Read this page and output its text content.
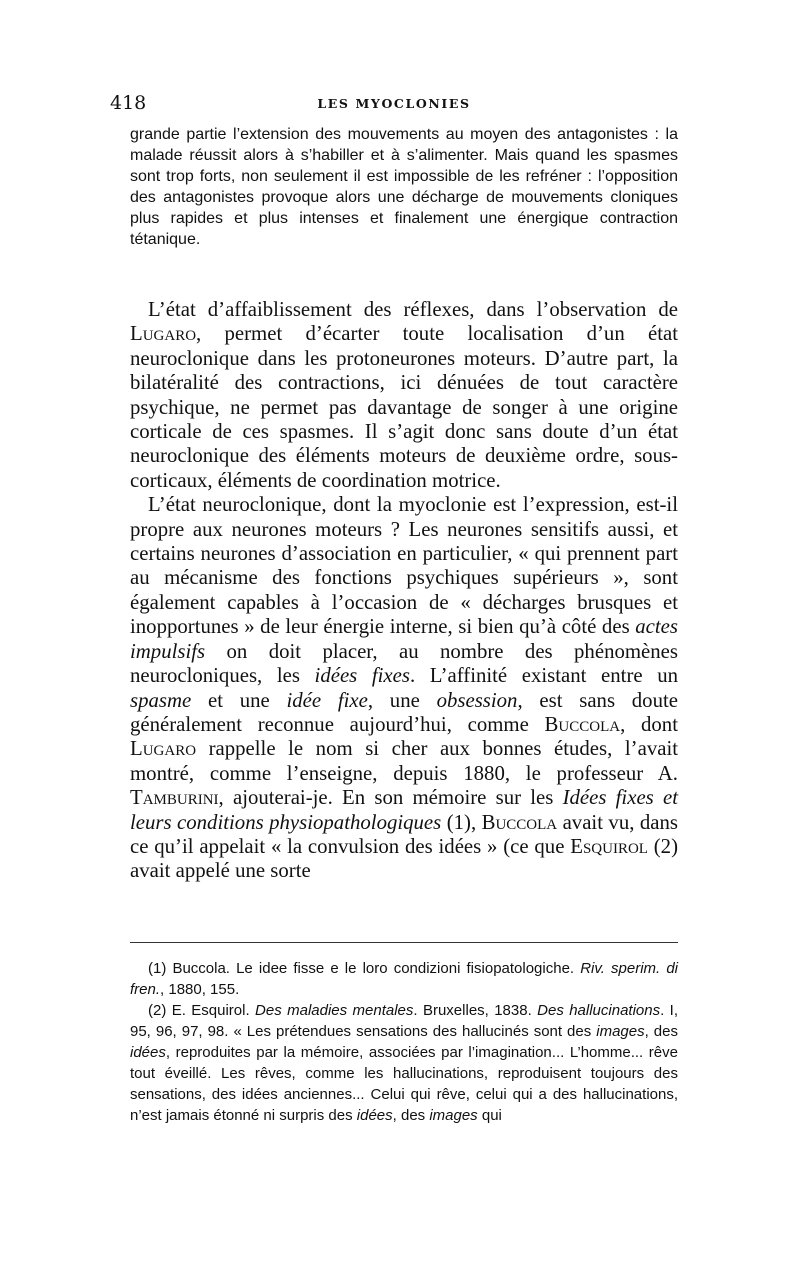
418	LES MYOCLONIES

grande partie l’extension des mouvements au moyen des antagonistes : la malade réussit alors à s’habiller et à s’alimenter. Mais quand les spasmes sont trop forts, non seulement il est impossible de les refréner : l’opposition des antagonistes provoque alors une décharge de mouvements cloniques plus rapides et plus intenses et finalement une énergique contraction tétanique.

L’état d’affaiblissement des réflexes, dans l’observation de Lugaro, permet d’écarter toute localisation d’un état neuroclonique dans les protoneurones moteurs. D’autre part, la bilatéralité des contractions, ici dénuées de tout caractère psychique, ne permet pas davantage de songer à une origine corticale de ces spasmes. Il s’agit donc sans doute d’un état neuroclonique des éléments moteurs de deuxième ordre, sous-corticaux, éléments de coordination motrice.

L’état neuroclonique, dont la myoclonie est l’expression, est-il propre aux neurones moteurs ? Les neurones sensitifs aussi, et certains neurones d’association en particulier, « qui prennent part au mécanisme des fonctions psychiques supérieurs », sont également capables à l’occasion de « décharges brusques et inopportunes » de leur énergie interne, si bien qu’à côté des actes impulsifs on doit placer, au nombre des phénomènes neurocloniques, les idées fixes. L’affinité existant entre un spasme et une idée fixe, une obsession, est sans doute généralement reconnue aujourd’hui, comme Buccola, dont Lugaro rappelle le nom si cher aux bonnes études, l’avait montré, comme l’enseigne, depuis 1880, le professeur A. Tamburini, ajouterai-je. En son mémoire sur les Idées fixes et leurs conditions physiopathologiques (1), Buccola avait vu, dans ce qu’il appelait « la convulsion des idées » (ce que Esquirol (2) avait appelé une sorte

(1) Buccola. Le idee fisse e le loro condizioni fisiopatologiche. Riv. sperim. di fren., 1880, 155.

(2) E. Esquirol. Des maladies mentales. Bruxelles, 1838. Des hallucinations. I, 95, 96, 97, 98. « Les prétendues sensations des hallucinés sont des images, des idées, reproduites par la mémoire, associées par l’imagination... L’homme... rêve tout éveillé. Les rêves, comme les hallucinations, reproduisent toujours des sensations, des idées anciennes... Celui qui rêve, celui qui a des hallucinations, n’est jamais étonné ni surpris des idées, des images qui
